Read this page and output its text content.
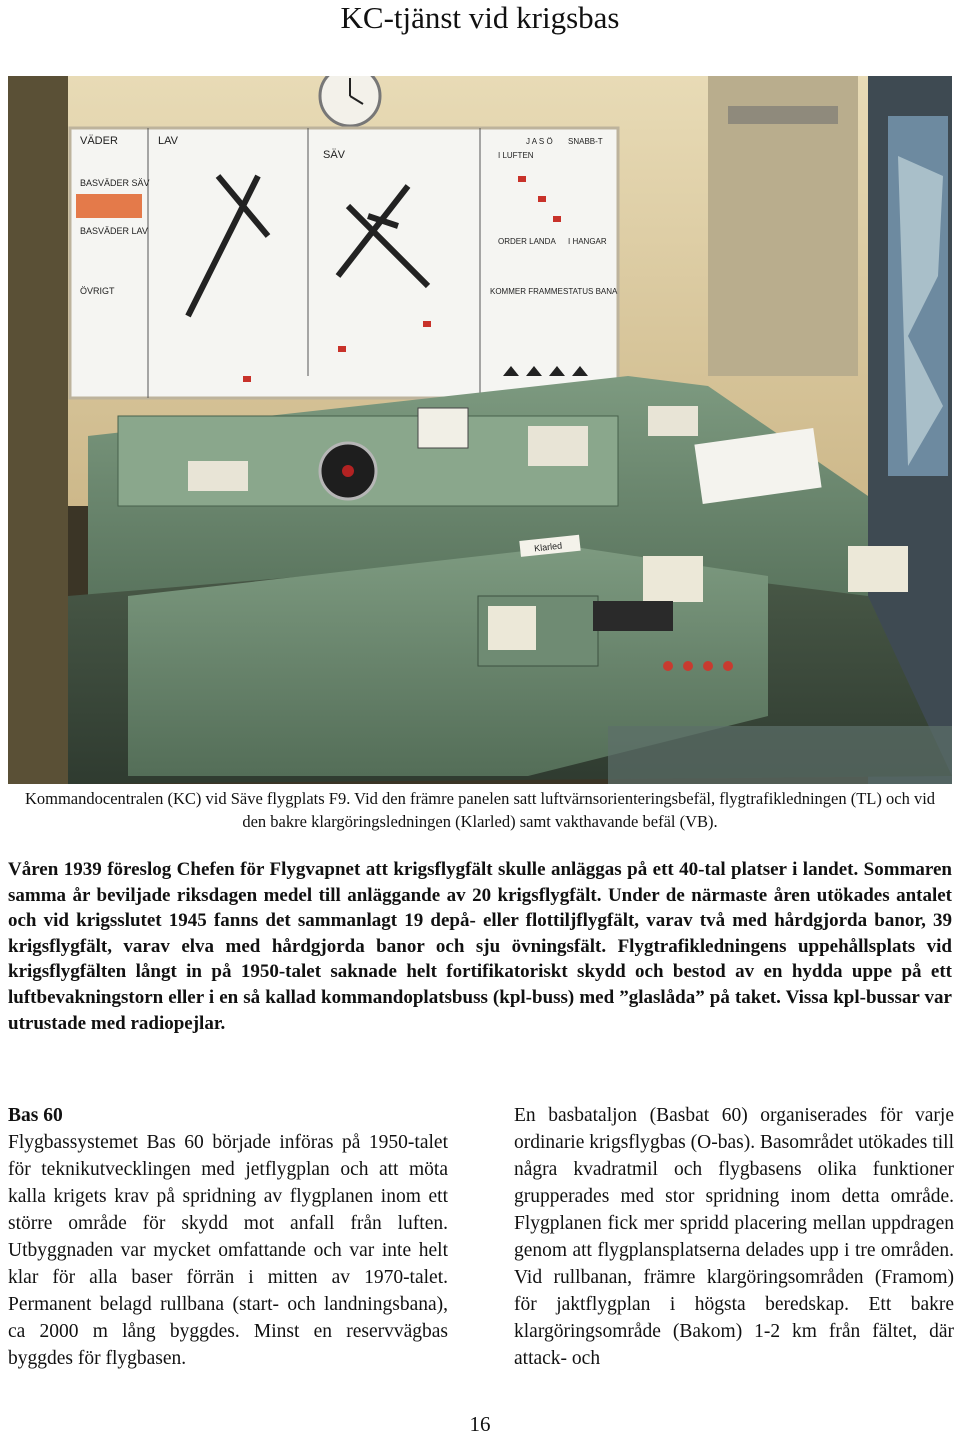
KC-tjänst vid krigsbas
VÄDER	LAV
SÄV
BASVÄDER SÄV
BASVÄDER LAV
ÖVRIGT
I LUFTEN
J A S Ö SNABB-T
ORDER LANDA I HANGAR
KOMMER FRAMME STATUS BANA
Klarled
Kommandocentralen (KC) vid Säve flygplats F9. Vid den främre panelen satt luftvärnsorienteringsbefäl, flygtrafikledningen (TL) och vid den bakre klargöringsledningen (Klarled) samt vakthavande befäl (VB).

Våren 1939 föreslog Chefen för Flygvapnet att krigsflygfält skulle anläggas på ett 40-tal platser i landet. Sommaren samma år beviljade riksdagen medel till anläggande av 20 krigsflygfält. Under de närmaste åren utökades antalet och vid krigsslutet 1945 fanns det sammanlagt 19 depå- eller flottiljflygfält, varav två med hårdgjorda banor, 39 krigsflygfält, varav elva med hårdgjorda banor och sju övningsfält. Flygtrafikledningens uppehållsplats vid krigsflygfälten långt in på 1950-talet saknade helt fortifikatoriskt skydd och bestod av en hydda uppe på ett luftbevakningstorn eller i en så kallad kommandoplatsbuss (kpl-buss) med ”glaslåda” på taket. Vissa kpl-bussar var utrustade med radiopejlar.

Bas 60

Flygbassystemet Bas 60 började införas på 1950-talet för teknikutvecklingen med jetflygplan och att möta kalla krigets krav på spridning av flygplanen inom ett större område för skydd mot anfall från luften. Utbyggnaden var mycket omfattande och var inte helt klar för alla baser förrän i mitten av 1970-talet. Permanent belagd rullbana (start- och landningsbana), ca 2000 m lång byggdes. Minst en reservvägbas byggdes för flygbasen.

En basbataljon (Basbat 60) organiserades för varje ordinarie krigsflygbas (O-bas). Basområdet utökades till några kvadratmil och flygbasens olika funktioner grupperades med stor spridning inom detta område. Flygplanen fick mer spridd placering mellan uppdragen genom att flygplansplatserna delades upp i tre områden. Vid rullbanan, främre klargöringsområden (Framom) för jaktflygplan i högsta beredskap. Ett bakre klargöringsområde (Bakom) 1-2 km från fältet, där attack- och

16
